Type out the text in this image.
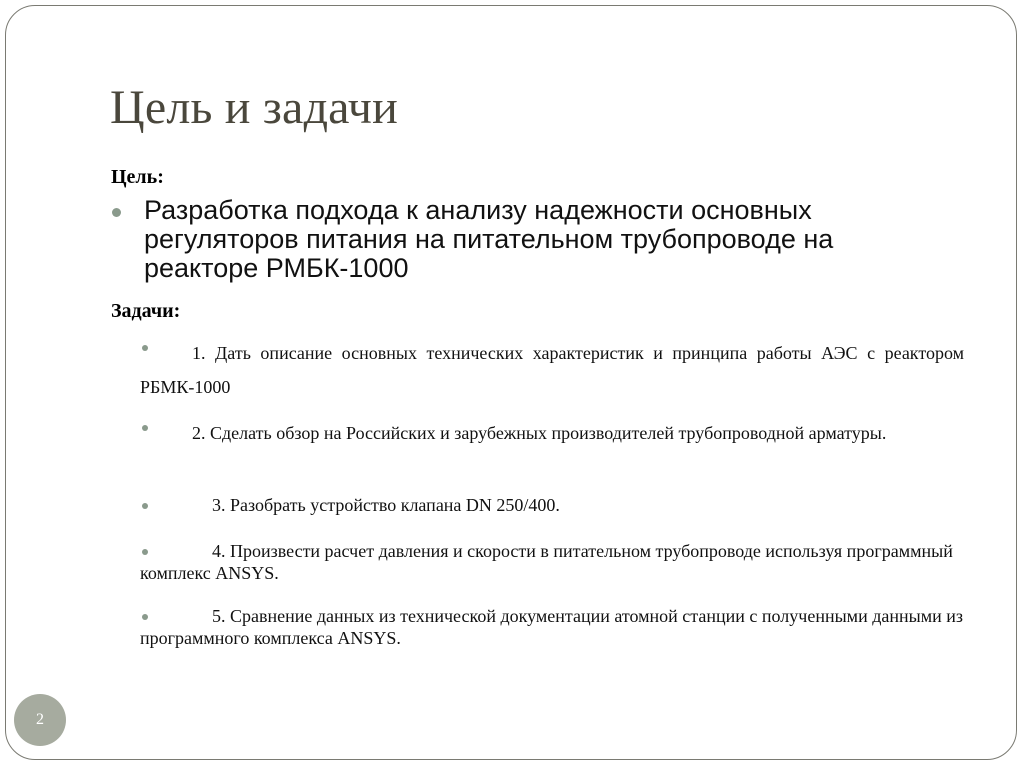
Цель и задачи
Цель:
Разработка подхода к анализу надежности основных регуляторов питания на питательном трубопроводе на реакторе РМБК-1000
Задачи:
1. Дать описание основных технических характеристик и принципа работы АЭС с реактором РБМК-1000
2. Сделать обзор на Российских и зарубежных производителей трубопроводной арматуры.
3. Разобрать устройство клапана DN 250/400.
4. Произвести расчет давления и скорости в питательном трубопроводе используя программный комплекс ANSYS.
5. Сравнение данных из технической документации атомной станции с полученными данными из программного комплекса ANSYS.
2
